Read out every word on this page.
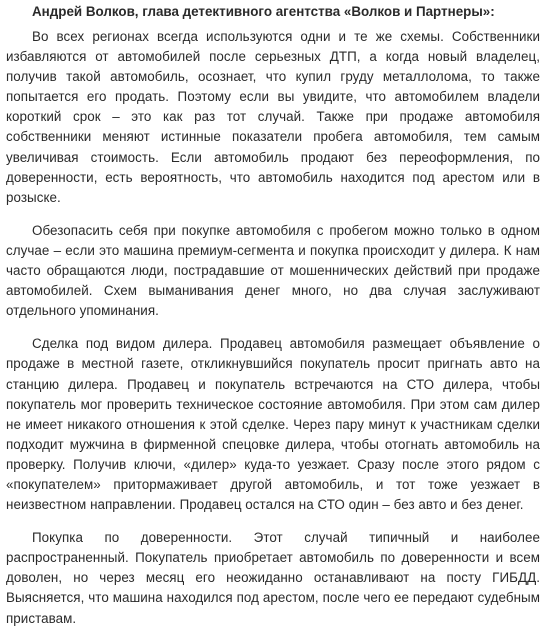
Андрей Волков, глава детективного агентства «Волков и Партнеры»:

Во всех регионах всегда используются одни и те же схемы. Собственники избавляются от автомобилей после серьезных ДТП, а когда новый владелец, получив такой автомобиль, осознает, что купил груду металлолома, то также попытается его продать. Поэтому если вы увидите, что автомобилем владели короткий срок – это как раз тот случай. Также при продаже автомобиля собственники меняют истинные показатели пробега автомобиля, тем самым увеличивая стоимость. Если автомобиль продают без переоформления, по доверенности, есть вероятность, что автомобиль находится под арестом или в розыске.

Обезопасить себя при покупке автомобиля с пробегом можно только в одном случае – если это машина премиум-сегмента и покупка происходит у дилера. К нам часто обращаются люди, пострадавшие от мошеннических действий при продаже автомобилей. Схем выманивания денег много, но два случая заслуживают отдельного упоминания.

Сделка под видом дилера. Продавец автомобиля размещает объявление о продаже в местной газете, откликнувшийся покупатель просит пригнать авто на станцию дилера. Продавец и покупатель встречаются на СТО дилера, чтобы покупатель мог проверить техническое состояние автомобиля. При этом сам дилер не имеет никакого отношения к этой сделке. Через пару минут к участникам сделки подходит мужчина в фирменной спецовке дилера, чтобы отогнать автомобиль на проверку. Получив ключи, «дилер» куда-то уезжает. Сразу после этого рядом с «покупателем» притормаживает другой автомобиль, и тот тоже уезжает в неизвестном направлении. Продавец остался на СТО один – без авто и без денег.

Покупка по доверенности. Этот случай типичный и наиболее распространенный. Покупатель приобретает автомобиль по доверенности и всем доволен, но через месяц его неожиданно останавливают на посту ГИБДД. Выясняется, что машина находился под арестом, после чего ее передают судебным приставам.
